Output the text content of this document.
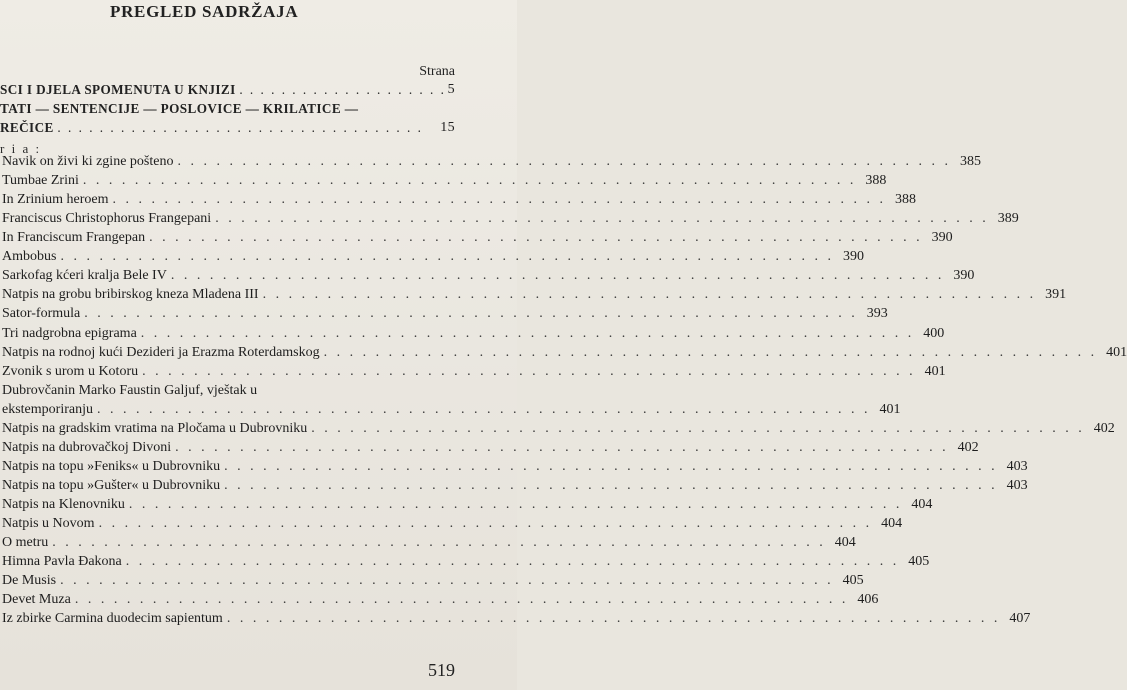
PREGLED SADRŽAJA
Strana
SCI I DJELA SPOMENUTA U KNJIZI . . . . . . . . . . . . . . . . . . . . 5
TATI — SENTENCIJE — POSLOVICE — KRILATICE —
REČICE . . . . . . . . . . . . . . . . . . . . . . . . . . . . . . . . . . . 15
r i a :
Navik on živi ki zgine pošteno . . . . . . . . . . . . . . . . . . . . . . . . . . . . . . . . . . . . . . . . . . . . . . . . . . . . . . . . . . . . 385
Tumbae Zrini . . . . . . . . . . . . . . . . . . . . . . . . . . . . . . . . . . . . . . . . . . . . . . . . . . . . . . . . . . . . 388
In Zrinium heroem . . . . . . . . . . . . . . . . . . . . . . . . . . . . . . . . . . . . . . . . . . . . . . . . . . . . . . . . . . . . 388
Franciscus Christophorus Frangepani . . . . . . . . . . . . . . . . . . . . . . . . . . . . . . . . . . . . . . . . . . . . . . . . . . . . . . . . . . . . 389
In Franciscum Frangepan . . . . . . . . . . . . . . . . . . . . . . . . . . . . . . . . . . . . . . . . . . . . . . . . . . . . . . . . . . . . 390
Ambobus . . . . . . . . . . . . . . . . . . . . . . . . . . . . . . . . . . . . . . . . . . . . . . . . . . . . . . . . . . . . 390
Sarkofag kćeri kralja Bele IV . . . . . . . . . . . . . . . . . . . . . . . . . . . . . . . . . . . . . . . . . . . . . . . . . . . . . . . . . . . . 390
Natpis na grobu bribirskog kneza Mladena III . . . . . . . . . . . . . . . . . . . . . . . . . . . . . . . . . . . . . . . . . . . . . . . . . . . . . . . . . . . . 391
Sator-formula . . . . . . . . . . . . . . . . . . . . . . . . . . . . . . . . . . . . . . . . . . . . . . . . . . . . . . . . . . . . 393
Tri nadgrobna epigrama . . . . . . . . . . . . . . . . . . . . . . . . . . . . . . . . . . . . . . . . . . . . . . . . . . . . . . . . . . . . 400
Natpis na rodnoj kući Dezideri ja Erazma Roterdamskog . . . . . . . . . . . . . . . . . . . . . . . . . . . . . . . . . . . . . . . . . . . . . . . . . . . . . . . . . . . . 401
Zvonik s urom u Kotoru . . . . . . . . . . . . . . . . . . . . . . . . . . . . . . . . . . . . . . . . . . . . . . . . . . . . . . . . . . . . 401
Dubrovčanin Marko Faustin Galjuf, vještak u
ekstemporiranju . . . . . . . . . . . . . . . . . . . . . . . . . . . . . . . . . . . . . . . . . . . . . . . . . . . . . . . . . . . . 401
Natpis na gradskim vratima na Pločama u Dubrovniku . . . . . . . . . . . . . . . . . . . . . . . . . . . . . . . . . . . . . . . . . . . . . . . . . . . . . . . . . . . . 402
Natpis na dubrovačkoj Divoni . . . . . . . . . . . . . . . . . . . . . . . . . . . . . . . . . . . . . . . . . . . . . . . . . . . . . . . . . . . . 402
Natpis na topu »Feniks« u Dubrovniku . . . . . . . . . . . . . . . . . . . . . . . . . . . . . . . . . . . . . . . . . . . . . . . . . . . . . . . . . . . . 403
Natpis na topu »Gušter« u Dubrovniku . . . . . . . . . . . . . . . . . . . . . . . . . . . . . . . . . . . . . . . . . . . . . . . . . . . . . . . . . . . . 403
Natpis na Klenovniku . . . . . . . . . . . . . . . . . . . . . . . . . . . . . . . . . . . . . . . . . . . . . . . . . . . . . . . . . . . . 404
Natpis u Novom . . . . . . . . . . . . . . . . . . . . . . . . . . . . . . . . . . . . . . . . . . . . . . . . . . . . . . . . . . . . 404
O metru . . . . . . . . . . . . . . . . . . . . . . . . . . . . . . . . . . . . . . . . . . . . . . . . . . . . . . . . . . . . 404
Himna Pavla Đakona . . . . . . . . . . . . . . . . . . . . . . . . . . . . . . . . . . . . . . . . . . . . . . . . . . . . . . . . . . . . 405
De Musis . . . . . . . . . . . . . . . . . . . . . . . . . . . . . . . . . . . . . . . . . . . . . . . . . . . . . . . . . . . . 405
Devet Muza . . . . . . . . . . . . . . . . . . . . . . . . . . . . . . . . . . . . . . . . . . . . . . . . . . . . . . . . . . . . 406
Iz zbirke Carmina duodecim sapientum . . . . . . . . . . . . . . . . . . . . . . . . . . . . . . . . . . . . . . . . . . . . . . . . . . . . . . . . . . . . 407
519
